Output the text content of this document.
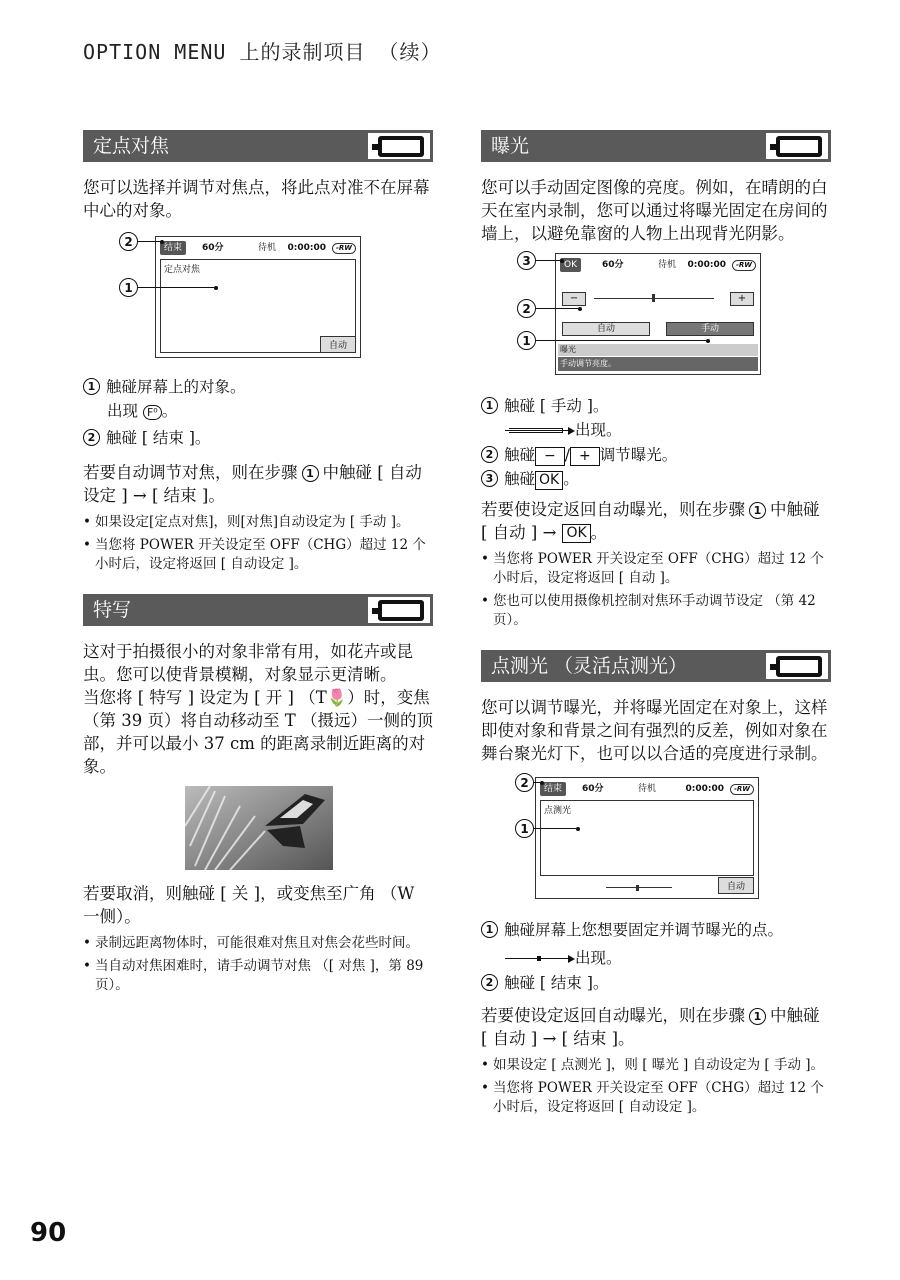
OPTION MENU 上的录制项目 （续）
定点对焦
您可以选择并调节对焦点，将此点对准不在屏幕中心的对象。
结束	60分	待机 0:00:00	-RW
定点对焦
自动
2
1
1 触碰屏幕上的对象。
出现 F⁰ 。
2 触碰 [ 结束 ]。
若要自动调节对焦，则在步骤 1 中触碰 [ 自动设定 ] → [ 结束 ]。
• 如果设定[定点对焦]，则[对焦]自动设定为 [ 手动 ]。
• 当您将 POWER 开关设定至 OFF（CHG）超过 12 个小时后，设定将返回 [ 自动设定 ]。
特写
这对于拍摄很小的对象非常有用，如花卉或昆虫。您可以使背景模糊，对象显示更清晰。
当您将 [ 特写 ] 设定为 [ 开 ] （T🌷）时，变焦 （第 39 页）将自动移动至 T （摄远）一侧的顶部，并可以最小 37 cm 的距离录制近距离的对象。
若要取消，则触碰 [ 关 ]，或变焦至广角 （W 一侧）。
• 录制远距离物体时，可能很难对焦且对焦会花些时间。
• 当自动对焦困难时，请手动调节对焦 （[ 对焦 ]，第 89 页）。
曝光
您可以手动固定图像的亮度。例如，在晴朗的白天在室内录制，您可以通过将曝光固定在房间的墙上，以避免靠窗的人物上出现背光阴影。
OK	60分	待机 0:00:00	-RW
−	+
自动	手动
曝光
手动调节亮度。
3
2
1
1 触碰 [ 手动 ]。
出现。
2 触碰 − / + 调节曝光。
3 触碰 OK 。
若要使设定返回自动曝光，则在步骤 1 中触碰 [ 自动 ] → OK 。
• 当您将 POWER 开关设定至 OFF（CHG）超过 12 个小时后，设定将返回 [ 自动 ]。
• 您也可以使用摄像机控制对焦环手动调节设定 （第 42 页）。
点测光 （灵活点测光）
您可以调节曝光，并将曝光固定在对象上，这样即使对象和背景之间有强烈的反差，例如对象在舞台聚光灯下，也可以以合适的亮度进行录制。
结束	60分	待机	0:00:00	-RW
点测光
自动
2
1
1 触碰屏幕上您想要固定并调节曝光的点。
出现。
2 触碰 [ 结束 ]。
若要使设定返回自动曝光，则在步骤 1 中触碰 [ 自动 ] → [ 结束 ]。
• 如果设定 [ 点测光 ]，则 [ 曝光 ] 自动设定为 [ 手动 ]。
• 当您将 POWER 开关设定至 OFF（CHG）超过 12 个小时后，设定将返回 [ 自动设定 ]。
90
